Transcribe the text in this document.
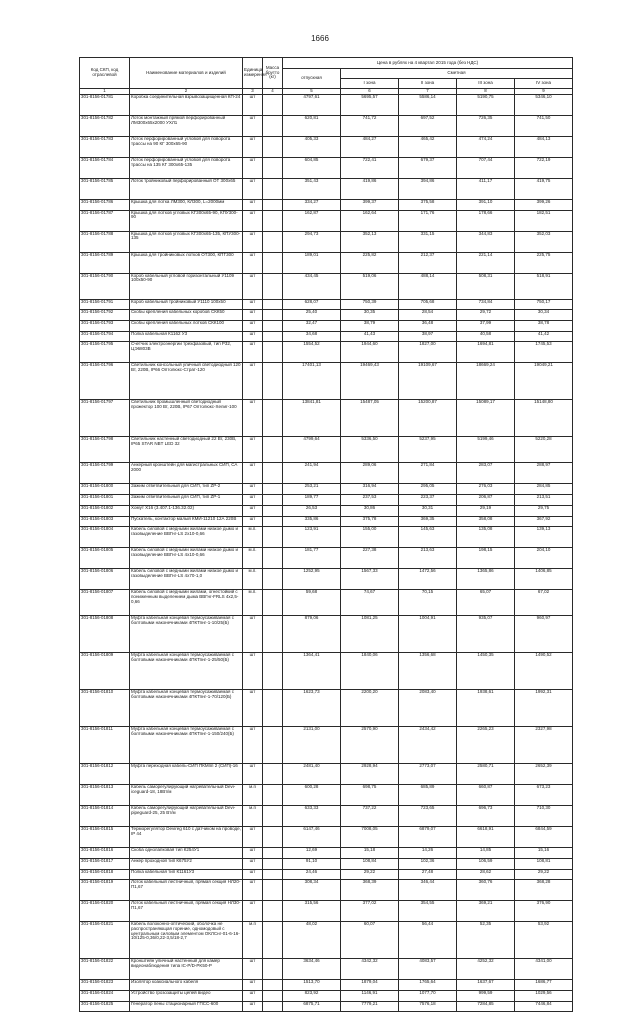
1666
Код СКП, код отраслевой	Наименование материалов и изделий	Единица измерения	Масса брутто (кг)	Цена в рублях на 4 квартал 2015 года (без НДС)				
				отпускная	Сметная			
					I зона	II зона	III зона	IV зона
1	2	3	4	5	6	7	8	9
301-8156-01781	Коробка соединительная взрывозащищенная КП-24	шт		4797,61	5695,57	5586,14	5190,75	5346,10
301-8156-01782	Лоток монтажный прямой перфорированный ЛМ300х65х2000 УХЛ1	шт		620,81	741,72	697,52	726,35	741,50
301-8156-01783	Лоток перфорированный угловой для поворота трассы на 90 КГ 300х65-90	шт		405,33	484,27	465,42	474,24	484,13
301-8156-01784	Лоток перфорированный угловой для поворота трассы на 135 КГ 300х65-135	шт		604,85	722,41	679,37	707,44	722,19
301-8156-01785	Лоток тройниковый перфорированный ОТ 300х65	шт		351,43	419,86	394,86	411,17	419,75
301-8156-01786	Крышка для лотка ЛМ300, КЛ300, L=2000мм	шт		334,27	399,37	375,58	391,10	399,26
301-8156-01787	Крышка для лотков угловых КГ300х65-90, КПУ300-90	шт		162,87	162,64	171,76	178,66	182,51
301-8156-01788	Крышка для лотков угловых КГ300х65-135, КПУ300-135	шт		294,73	352,13	331,15	344,83	352,03
301-8156-01789	Крышка для тройниковых лотков ОТ300, КПТ300	шт		189,01	225,82	212,37	221,14	225,75
301-8156-01790	Короб кабельный угловой горизонтальный У1109 100х50-90	шт		434,45	519,06	488,14	508,31	518,91
301-8156-01791	Короб кабельный тройниковый У1110 100х50	шт		628,07	750,39	705,68	734,84	750,17
301-8156-01792	Скобы крепления кабельных коробов СКК50	шт		25,40	30,35	28,54	29,72	30,34
301-8156-01793	Скобы крепления кабельных лотков СКК100	шт		32,47	38,79	36,48	37,99	38,78
301-8156-01794	Полка кабельная К1162 У3	шт		34,68	41,43	38,97	40,58	41,42
301-8156-01795	Счетчик электроэнергии трехфазовый, тип Р32, ЦЭ6803В	шт		1554,52	1944,60	1827,00	1694,81	1745,53
301-8156-01796	Светильник консольный уличный светодиодный 120 Вт, 220В, IP66 Оптолюкс-Страт-120	шт		17401,13	19469,43	19109,67	18669,24	19049,21
301-8156-01797	Светильник промышленный светодиодный прожектор 100 Вт, 220В, IP67 Оптолюкс-Хелиг-100	шт		13841,81	15487,05	15200,87	15089,17	15148,80
301-8156-01798	Светильник настенный светодиодный 22 Вт, 230В, IP65 STAR NBT LED 32	шт		4799,64	5336,50	5237,95	5199,46	5220,28
301-8156-01799	Анкерный кронштейн для магистральных СИП, СА 2000	шт		241,94	289,06	271,84	283,07	288,97
301-8156-01800	Зажим ответвительный для СИП, тип ZP-2	шт		253,21	316,94	295,05	276,03	284,85
301-8156-01801	Зажим ответвительный для СИП, тип ZP-1	шт		189,77	237,53	223,37	206,87	213,51
301-8156-01802	Хомут Х16 (3.407.1-136.32.02)	шт		26,53	30,86	30,31	29,19	29,75
301-8156-01803	Пускатель, контактор малый КМИ-11210 12А 220В	шт		335,86	375,78	369,35	358,08	367,92
301-8156-01804	Кабель силовой с медными жилами низкое дымо и газовыделение ВВГнг-LS 2х10-0,66	м.п.		123,91	155,00	145,63	135,08	139,13
301-8156-01805	Кабель силовой с медными жилами низкое дымо и газовыделение ВВГнг-LS 4х10-0,66	м.п.		181,77	227,38	213,63	198,15	204,10
301-8156-01806	Кабель силовой с медными жилами низкое дымо и газовыделение ВВГнг-LS 4х70-1,0	м.п.		1252,95	1567,33	1472,56	1365,86	1406,85
301-8156-01807	Кабель силовой с медными жилами, огнестойкий с пониженным выделением дыма ВВГнг-FRLS 4х2,5-0,66	м.п.		59,68	74,67	70,15	65,07	67,02
301-8156-01808	Муфта кабельная концевая термоусаживаемая с болтовыми наконечниками 4ПКТпнг-1-10/25(Б)	шт		879,06	1081,25	1004,91	935,07	960,97
301-8156-01809	Муфта кабельная концевая термоусаживаемая с болтовыми наконечниками 4ПКТпнг-1-25/50(Б)	шт		1364,41	1840,06	1356,68	1450,35	1490,52
301-8156-01810	Муфта кабельная концевая термоусаживаемая с болтовыми наконечниками 4ПКТпнг-1-70/120(Б)	шт		1623,73	2200,20	2083,40	1938,61	1992,31
301-8156-01811	Муфта кабельная концевая термоусаживаемая с болтовыми наконечниками 4ПКТпнг-1-150/240(Б)	шт		2131,00	2570,90	2434,42	2265,23	2327,98
301-8156-01812	Муфта переходная кабель-СИП ПКМпп 2 (СИП)-16	шт		2481,40	2928,94	2773,07	2580,71	2652,39
301-8156-01813	Кабель саморегулирующий нагревательный Devi-iceguard-18, 18Вт/м	м.п		600,28	698,75	685,89	660,87	673,23
301-8156-01814	Кабель саморегулирующий нагревательный Devi-pipeguard-25, 25 Вт/м	м.п		633,33	737,22	723,65	696,73	710,30
301-8156-01815	Терморегулятор Devireg 610 с датчиком на проводе, IP 44	шт		6147,46	7008,05	6879,07	6618,91	6844,59
301-8156-01816	Скоба однолапковая тип К254У1	шт		12,69	15,18	14,26	14,85	15,16
301-8156-01817	Анкер проходной тип К675У2	шт		91,10	108,84	102,36	106,59	108,81
301-8156-01818	Полка кабельная тип К1161У3	шт		24,46	29,22	27,48	28,62	29,22
301-8156-01819	Лоток кабельный лестничный, прямая секция НЛ20-П1,67	шт		308,34	368,39	346,44	360,76	368,28
301-8156-01820	Лоток кабельный лестничный, прямая секция НЛ30-П1,67	шт		315,56	377,02	354,55	369,21	376,90
301-8156-01821	Кабель волоконно-оптический, оболочка не распространяющая горение, одномодовый с центральным силовым элементом ОКЛСнг-01-6-16-10/125-0,36/0,22-3,5/18-2,7	м.п		48,02	60,07	56,44	52,35	53,92
301-8156-01822	Кронштейн уличный настенный для камер видеонаблюдения типа IC-P/D-PK50-P	шт		3634,46	4342,32	4083,57	4252,32	4341,00
301-8156-01823	Изолятор коаксиального кабеля	шт		1513,70	1879,04	1765,64	1637,67	1686,77
301-8156-01824	Устройство грозозащиты цепей видео	шт		823,92	1146,91	1077,70	999,59	1029,56
301-8156-01825	Генератор пены стационарный ГПСС-600	шт		6875,71	7779,21	7576,18	7284,85	7446,84
